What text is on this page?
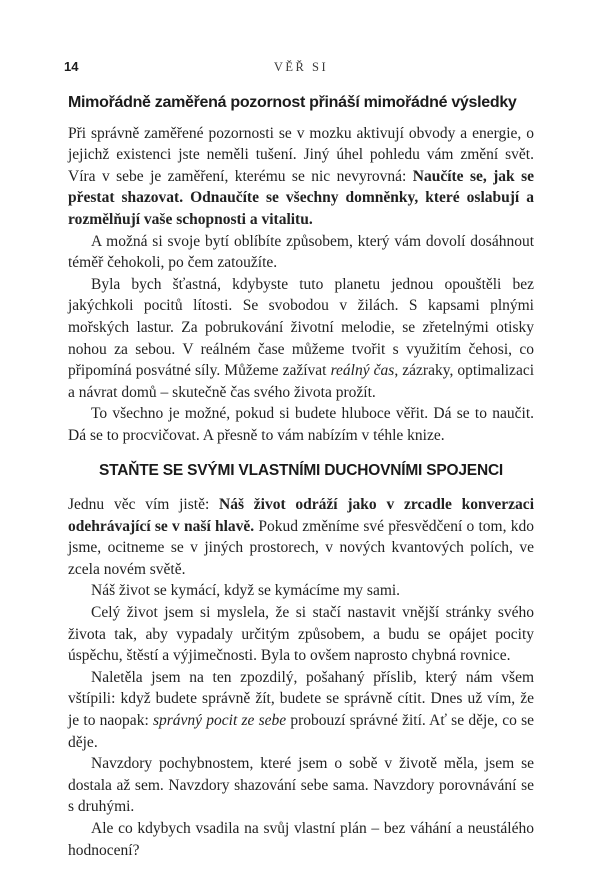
14	VĚŘ SI
Mimořádně zaměřená pozornost přináší mimořádné výsledky

Při správně zaměřené pozornosti se v mozku aktivují obvody a energie, o jejichž existenci jste neměli tušení. Jiný úhel pohledu vám změní svět. Víra v sebe je zaměření, kterému se nic nevyrovná: Naučíte se, jak se přestat shazovat. Odnaučíte se všechny domněnky, které oslabují a rozmělňují vaše schopnosti a vitalitu.

A možná si svoje bytí oblíbíte způsobem, který vám dovolí dosáhnout téměř čehokoli, po čem zatoužíte.

Byla bych šťastná, kdybyste tuto planetu jednou opouštěli bez jakýchkoli pocitů lítosti. Se svobodou v žilách. S kapsami plnými mořských lastur. Za pobrukování životní melodie, se zřetelnými otisky nohou za sebou. V reálném čase můžeme tvořit s využitím čehosi, co připomíná posvátné síly. Můžeme zažívat reálný čas, zázraky, optimalizaci a návrat domů – skutečně čas svého života prožít.

To všechno je možné, pokud si budete hluboce věřit. Dá se to naučit. Dá se to procvičovat. A přesně to vám nabízím v téhle knize.

STAŇTE SE SVÝMI VLASTNÍMI DUCHOVNÍMI SPOJENCI

Jednu věc vím jistě: Náš život odráží jako v zrcadle konverzaci odehrávající se v naší hlavě. Pokud změníme své přesvědčení o tom, kdo jsme, ocitneme se v jiných prostorech, v nových kvantových polích, ve zcela novém světě.

Náš život se kymácí, když se kymácíme my sami.

Celý život jsem si myslela, že si stačí nastavit vnější stránky svého života tak, aby vypadaly určitým způsobem, a budu se opájet pocity úspěchu, štěstí a výjimečnosti. Byla to ovšem naprosto chybná rovnice.

Naletěla jsem na ten zpozdilý, pošahaný příslib, který nám všem vštípili: když budete správně žít, budete se správně cítit. Dnes už vím, že je to naopak: správný pocit ze sebe probouzí správné žití. Ať se děje, co se děje.

Navzdory pochybnostem, které jsem o sobě v životě měla, jsem se dostala až sem. Navzdory shazování sebe sama. Navzdory porovnávání se s druhými.

Ale co kdybych vsadila na svůj vlastní plán – bez váhání a neustálého hodnocení?
